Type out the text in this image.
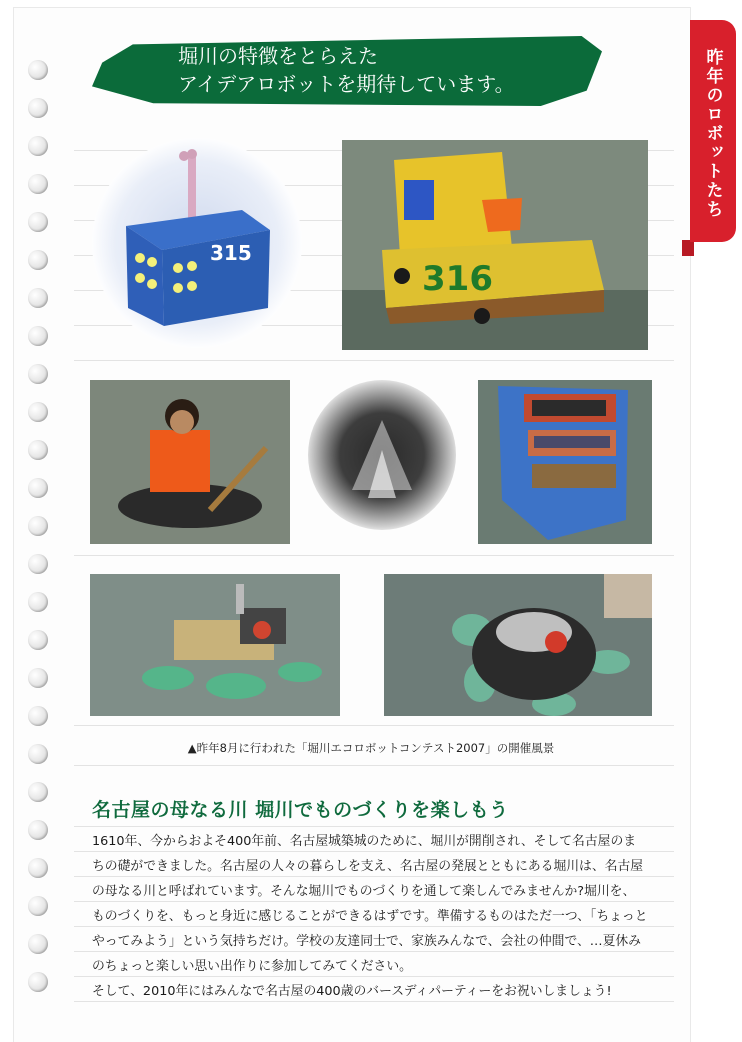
昨年のロボットたち
堀川の特徴をとらえた
アイデアロボットを期待しています。
315
316
▲昨年8月に行われた「堀川エコロボットコンテスト2007」の開催風景
名古屋の母なる川 堀川でものづくりを楽しもう

1610年、今からおよそ400年前、名古屋城築城のために、堀川が開削され、そして名古屋のま

ちの礎ができました。名古屋の人々の暮らしを支え、名古屋の発展とともにある堀川は、名古屋

の母なる川と呼ばれています。そんな堀川でものづくりを通して楽しんでみませんか?堀川を、

ものづくりを、もっと身近に感じることができるはずです。準備するものはただ一つ、「ちょっと

やってみよう」という気持ちだけ。学校の友達同士で、家族みんなで、会社の仲間で、…夏休み

のちょっと楽しい思い出作りに参加してみてください。

そして、2010年にはみんなで名古屋の400歳のバースディパーティーをお祝いしましょう!
